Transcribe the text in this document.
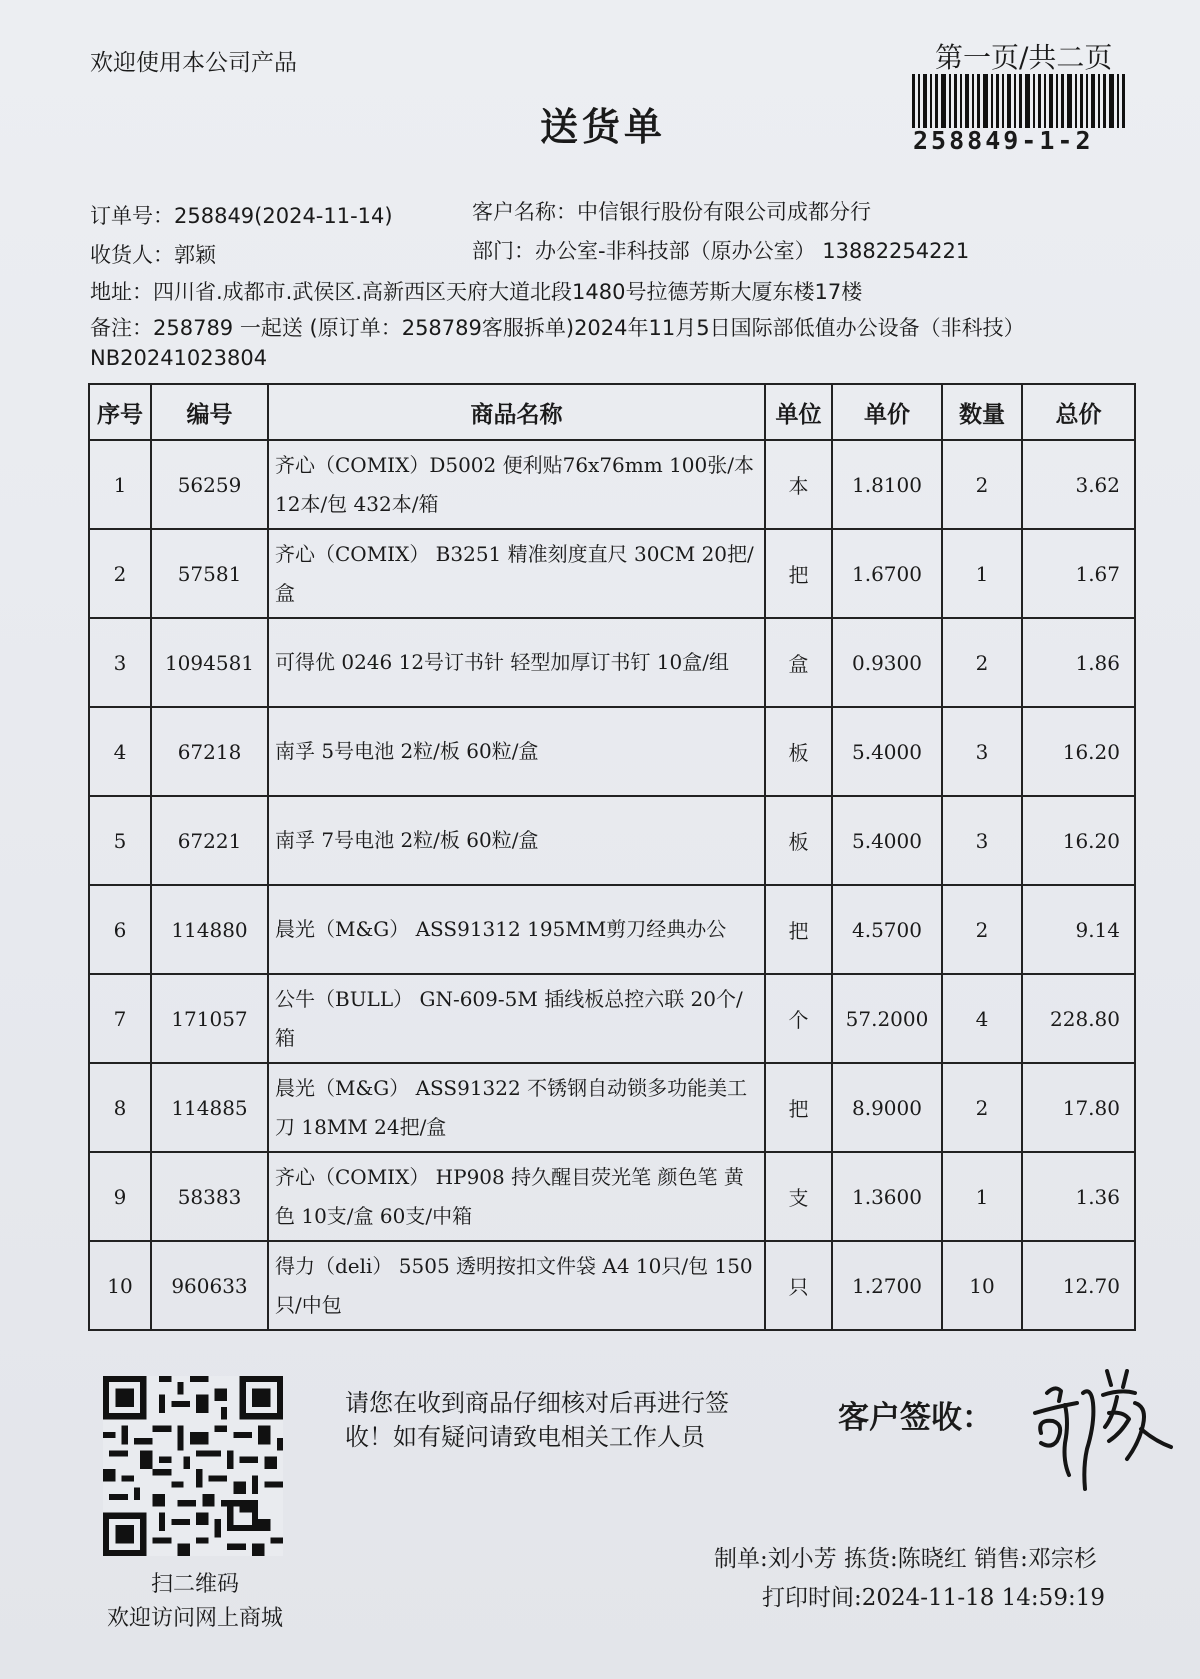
欢迎使用本公司产品	第一页/共二页
258849-1-2
送货单
订单号：258849(2024-11-14)	客户名称：中信银行股份有限公司成都分行
收货人：郭颖	部门：办公室-非科技部（原办公室） 13882254221
地址：四川省.成都市.武侯区.高新西区天府大道北段1480号拉德芳斯大厦东楼17楼
备注：258789 一起送 (原订单：258789客服拆单)2024年11月5日国际部低值办公设备（非科技）
NB20241023804
序号	编号	商品名称	单位	单价	数量	总价
1	56259	齐心（COMIX）D5002 便利贴76x76mm 100张/本 12本/包 432本/箱	本	1.8100	2	3.62
2	57581	齐心（COMIX） B3251 精准刻度直尺 30CM 20把/盒	把	1.6700	1	1.67
3	1094581	可得优 0246 12号订书针 轻型加厚订书钉 10盒/组	盒	0.9300	2	1.86
4	67218	南孚 5号电池 2粒/板 60粒/盒	板	5.4000	3	16.20
5	67221	南孚 7号电池 2粒/板 60粒/盒	板	5.4000	3	16.20
6	114880	晨光（M&G） ASS91312 195MM剪刀经典办公	把	4.5700	2	9.14
7	171057	公牛（BULL） GN-609-5M 插线板总控六联 20个/箱	个	57.2000	4	228.80
8	114885	晨光（M&G） ASS91322 不锈钢自动锁多功能美工刀 18MM 24把/盒	把	8.9000	2	17.80
9	58383	齐心（COMIX） HP908 持久醒目荧光笔 颜色笔 黄色 10支/盒 60支/中箱	支	1.3600	1	1.36
10	960633	得力（deli） 5505 透明按扣文件袋 A4 10只/包 150只/中包	只	1.2700	10	12.70
扫二维码
欢迎访问网上商城
请您在收到商品仔细核对后再进行签收！如有疑问请致电相关工作人员
客户签收：
制单:刘小芳 拣货:陈晓红 销售:邓宗杉
打印时间:2024-11-18 14:59:19
